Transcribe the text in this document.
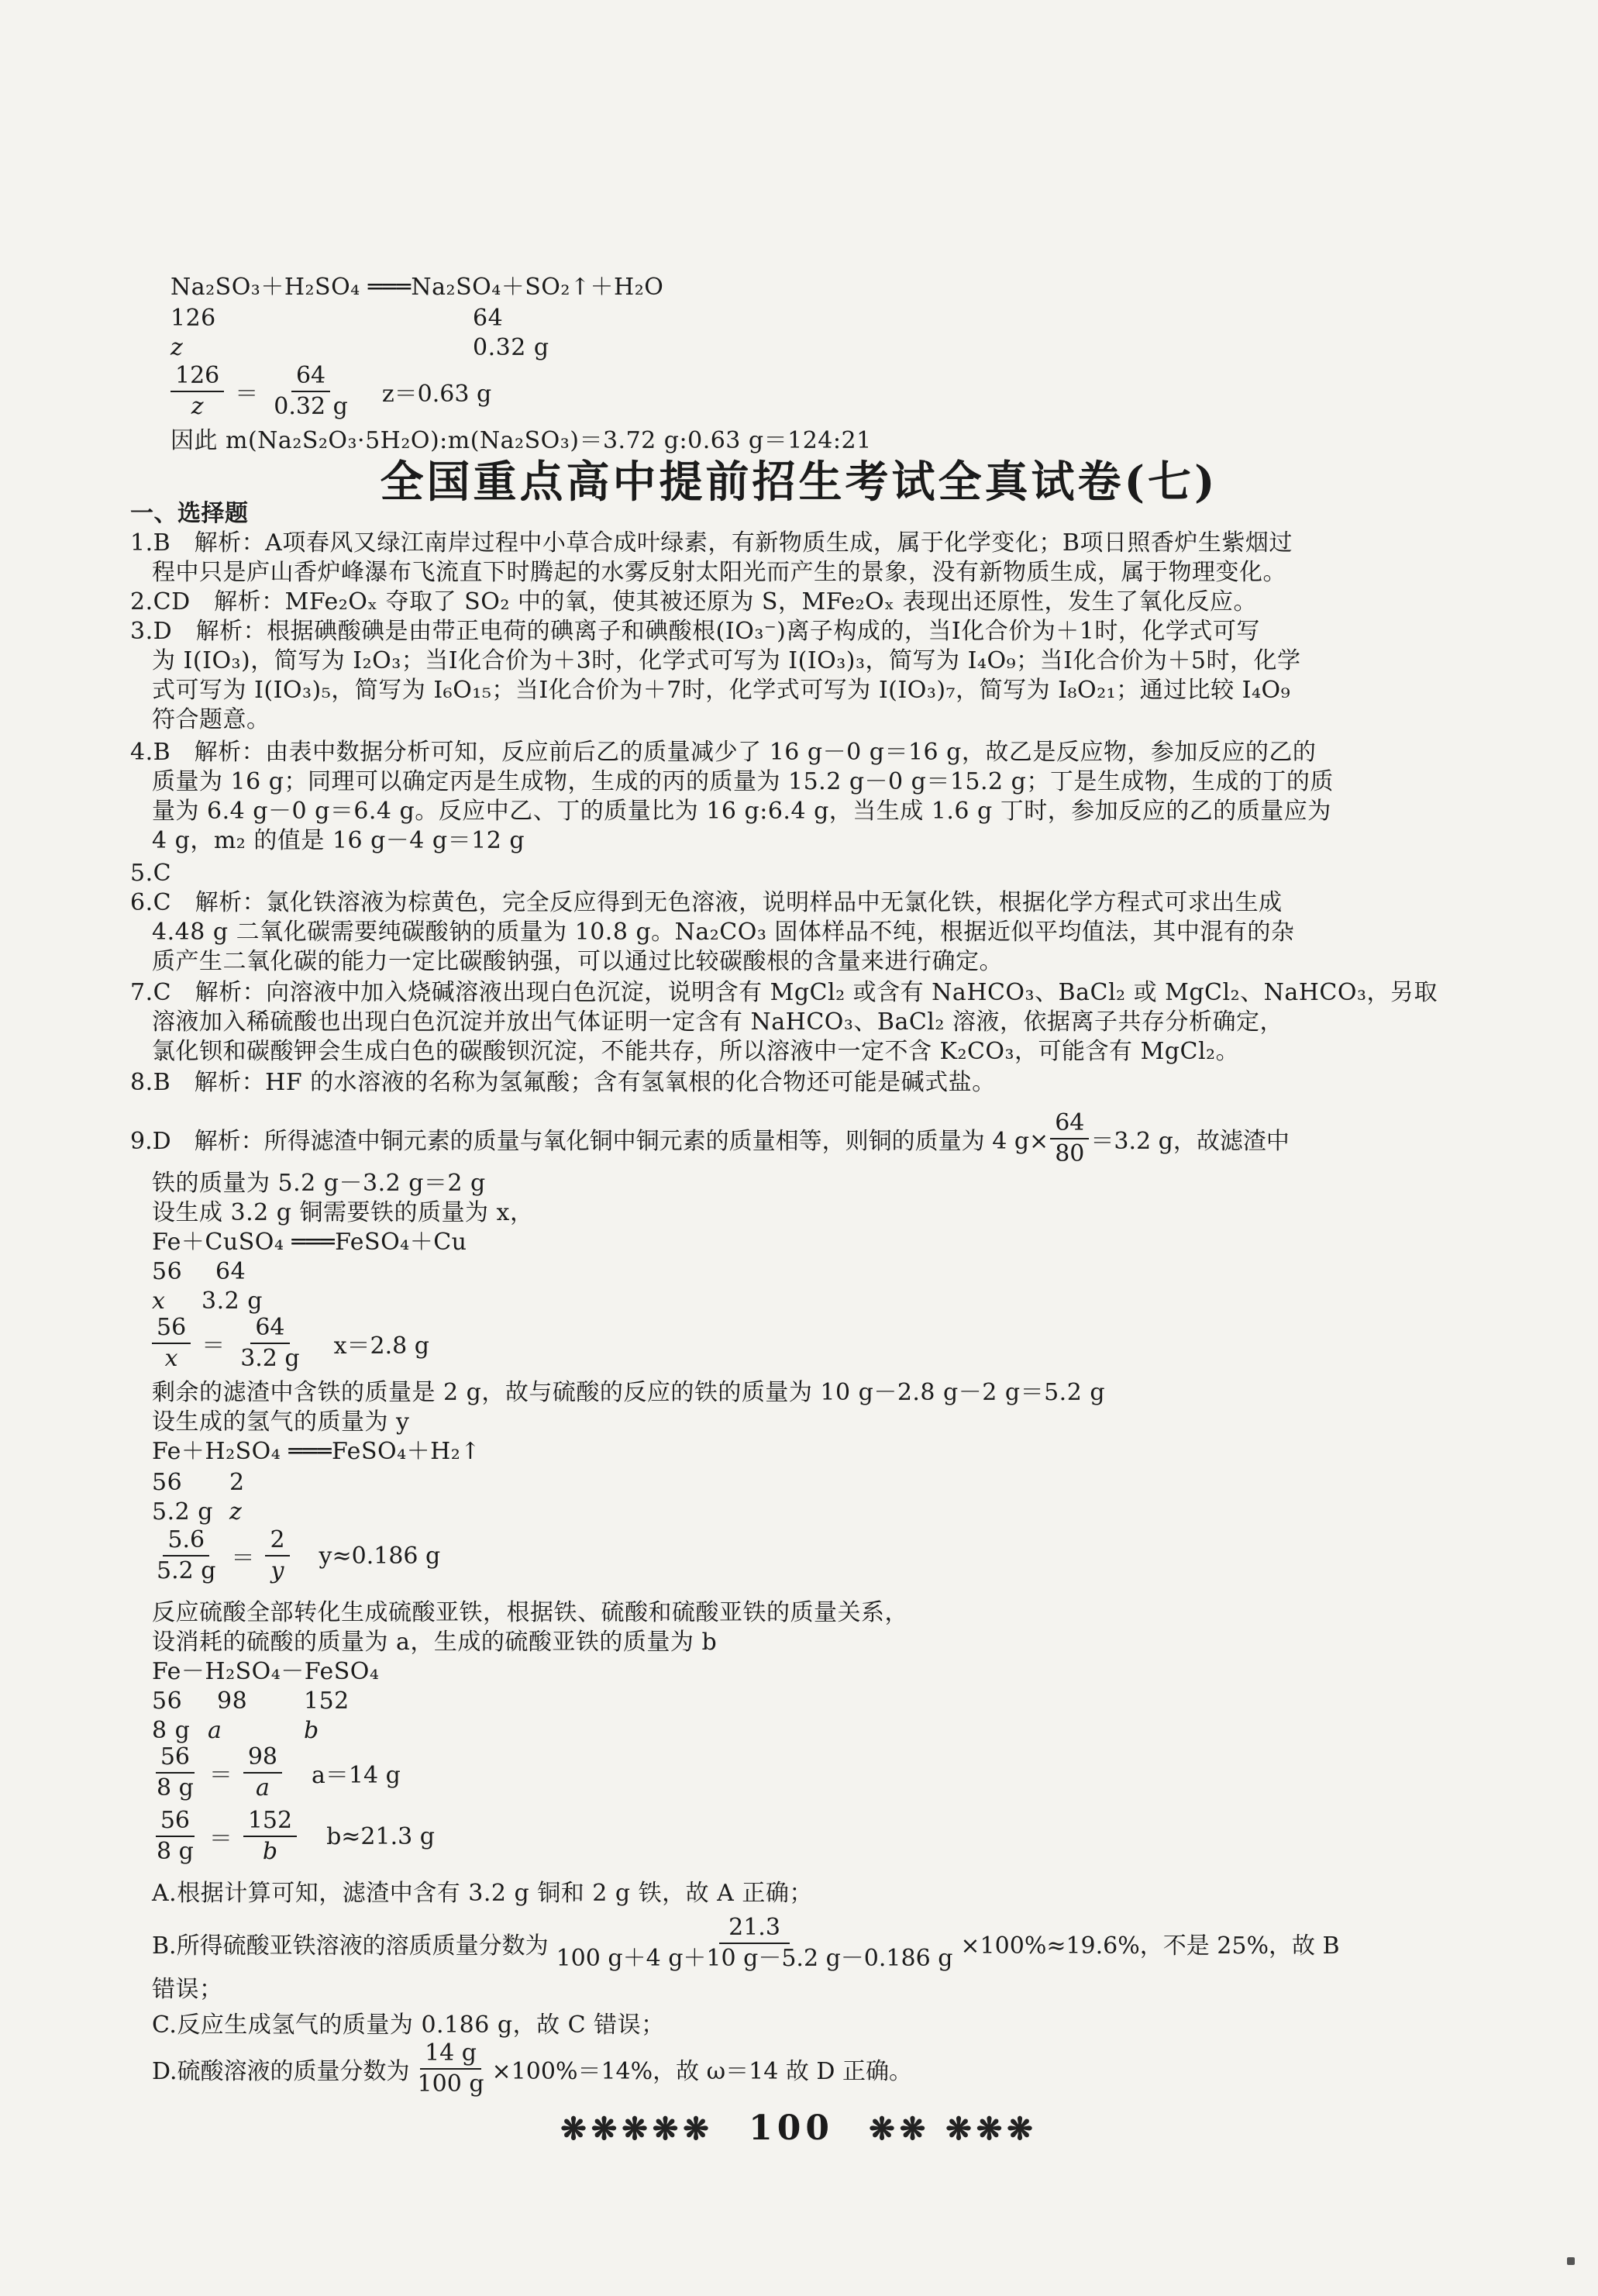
Na₂SO₃＋H₂SO₄ ═══Na₂SO₄＋SO₂↑＋H₂O
126	64
z	0.32 g
$\frac{126}{z} = \frac{64}{0.32 g} z=0.63$ g
因此 m(Na₂S₂O₃·5H₂O):m(Na₂SO₃)＝3.72 g:0.63 g＝124:21
全国重点高中提前招生考试全真试卷(七)
一、选择题
1.B　解析：A项春风又绿江南岸过程中小草合成叶绿素，有新物质生成，属于化学变化；B项日照香炉生紫烟过
程中只是庐山香炉峰瀑布飞流直下时腾起的水雾反射太阳光而产生的景象，没有新物质生成，属于物理变化。
2.CD　解析：MFe₂Oₓ 夺取了 SO₂ 中的氧，使其被还原为 S，MFe₂Oₓ 表现出还原性，发生了氧化反应。
3.D　解析：根据碘酸碘是由带正电荷的碘离子和碘酸根(IO₃⁻)离子构成的，当Ⅰ化合价为＋1时，化学式可写
为 I(IO₃)，简写为 I₂O₃；当Ⅰ化合价为＋3时，化学式可写为 I(IO₃)₃，简写为 I₄O₉；当Ⅰ化合价为＋5时，化学
式可写为 I(IO₃)₅，简写为 I₆O₁₅；当Ⅰ化合价为＋7时，化学式可写为 I(IO₃)₇，简写为 I₈O₂₁；通过比较 I₄O₉
符合题意。
4.B　解析：由表中数据分析可知，反应前后乙的质量减少了 16 g－0 g＝16 g，故乙是反应物，参加反应的乙的
质量为 16 g；同理可以确定丙是生成物，生成的丙的质量为 15.2 g－0 g＝15.2 g；丁是生成物，生成的丁的质
量为 6.4 g－0 g＝6.4 g。反应中乙、丁的质量比为 16 g:6.4 g，当生成 1.6 g 丁时，参加反应的乙的质量应为
4 g，m₂ 的值是 16 g－4 g＝12 g
5.C
6.C　解析：氯化铁溶液为棕黄色，完全反应得到无色溶液，说明样品中无氯化铁，根据化学方程式可求出生成
4.48 g 二氧化碳需要纯碳酸钠的质量为 10.8 g。Na₂CO₃ 固体样品不纯，根据近似平均值法，其中混有的杂
质产生二氧化碳的能力一定比碳酸钠强，可以通过比较碳酸根的含量来进行确定。
7.C　解析：向溶液中加入烧碱溶液出现白色沉淀，说明含有 MgCl₂ 或含有 NaHCO₃、BaCl₂ 或 MgCl₂、NaHCO₃，另取
溶液加入稀硫酸也出现白色沉淀并放出气体证明一定含有 NaHCO₃、BaCl₂ 溶液，依据离子共存分析确定，
氯化钡和碳酸钾会生成白色的碳酸钡沉淀，不能共存，所以溶液中一定不含 K₂CO₃，可能含有 MgCl₂。
8.B　解析：HF 的水溶液的名称为氢氟酸；含有氢氧根的化合物还可能是碱式盐。
9.D　解析：所得滤渣中铜元素的质量与氧化铜中铜元素的质量相等，则铜的质量为 4 $g\times \frac{64}{80} =3.2$ g，故滤渣中
铁的质量为 5.2 g－3.2 g＝2 g
设生成 3.2 g 铜需要铁的质量为 x，
Fe＋CuSO₄ ═══FeSO₄＋Cu
56 64
x 3.2 g
$\frac{56}{x} = \frac{64}{3.2 g} x=2.8$ g
剩余的滤渣中含铁的质量是 2 g，故与硫酸的反应的铁的质量为 10 g－2.8 g－2 g＝5.2 g
设生成的氢气的质量为 y
Fe＋H₂SO₄ ═══FeSO₄＋H₂↑
56 2
5.2 g z
$\frac{5.6}{5.2 g} = \frac{2}{y} y\approx 0.186$ g
反应硫酸全部转化生成硫酸亚铁，根据铁、硫酸和硫酸亚铁的质量关系，
设消耗的硫酸的质量为 a，生成的硫酸亚铁的质量为 b
Fe－H₂SO₄－FeSO₄
56 98 152
8 g a	b
$\frac{56}{8 g} = \frac{98}{a} a=14$ g
$\frac{56}{8 g} = \frac{152}{b} b\approx 21.3$ g
A.根据计算可知，滤渣中含有 3.2 g 铜和 2 g 铁，故 A 正确；
B.所得硫酸亚铁溶液的溶质质量分数为 $\frac{21.3}{100 g+4 g+10 g-5.2 g-0.186 g} \times 100\%\approx 19.6\%$，不是 25%，故 B
错误；
C.反应生成氢气的质量为 0.186 g，故 C 错误；
D.硫酸溶液的质量分数为 $\frac{14 g}{100 g} \times 100\%=14\%$，故 ω＝14 故 D 正确。
❋❋❋❋❋ 100 ❋❋ ❋❋❋
